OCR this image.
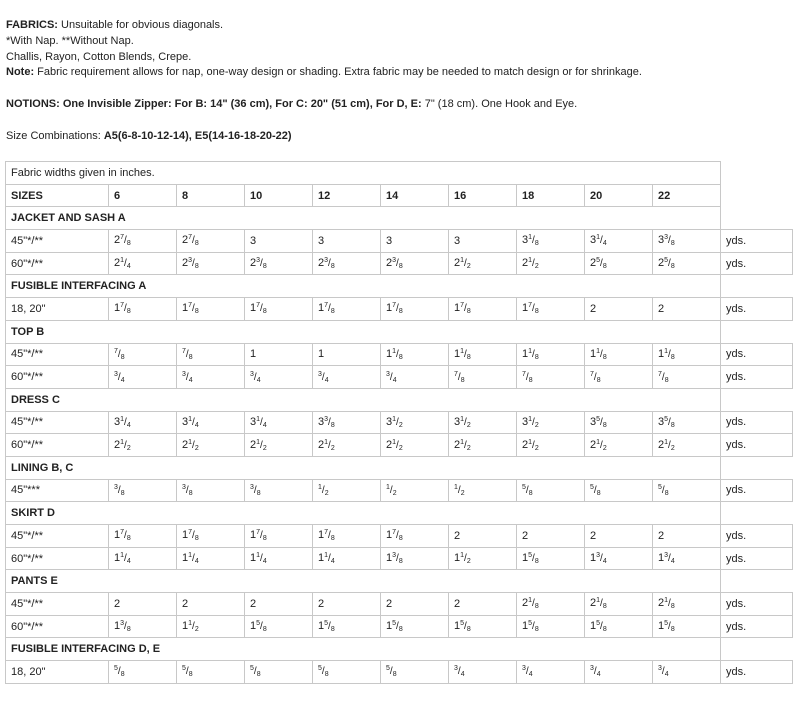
FABRICS: Unsuitable for obvious diagonals.

*With Nap. **Without Nap.

Challis, Rayon, Cotton Blends, Crepe.

Note: Fabric requirement allows for nap, one-way design or shading. Extra fabric may be needed to match design or for shrinkage.

NOTIONS: One Invisible Zipper: For B: 14" (36 cm), For C: 20" (51 cm), For D, E: 7" (18 cm). One Hook and Eye.

Size Combinations: A5(6-8-10-12-14), E5(14-16-18-20-22)

Fabric widths given in inches.										
SIZES	6	8	10	12	14	16	18	20	22	
JACKET AND SASH A										
45"*/**	$2^7/_8$	$2^7/_8$	3	3	3	3	$3^1/_8$	$3^1/_4$	$3^3/_8$	yds.
60"*/**	$2^1/_4$	$2^3/_8$	$2^3/_8$	$2^3/_8$	$2^3/_8$	$2^1/_2$	$2^1/_2$	$2^5/_8$	$2^5/_8$	yds.
FUSIBLE INTERFACING A										
18, 20"	$1^7/_8$	$1^7/_8$	$1^7/_8$	$1^7/_8$	$1^7/_8$	$1^7/_8$	$1^7/_8$	2	2	yds.
TOP B										
45"*/**	$^7/_8$	$^7/_8$	1	1	$1^1/_8$	$1^1/_8$	$1^1/_8$	$1^1/_8$	$1^1/_8$	yds.
60"*/**	$^3/_4$	$^3/_4$	$^3/_4$	$^3/_4$	$^3/_4$	$^7/_8$	$^7/_8$	$^7/_8$	$^7/_8$	yds.
DRESS C										
45"*/**	$3^1/_4$	$3^1/_4$	$3^1/_4$	$3^3/_8$	$3^1/_2$	$3^1/_2$	$3^1/_2$	$3^5/_8$	$3^5/_8$	yds.
60"*/**	$2^1/_2$	$2^1/_2$	$2^1/_2$	$2^1/_2$	$2^1/_2$	$2^1/_2$	$2^1/_2$	$2^1/_2$	$2^1/_2$	yds.
LINING B, C										
45"***	$^3/_8$	$^3/_8$	$^3/_8$	$^1/_2$	$^1/_2$	$^1/_2$	$^5/_8$	$^5/_8$	$^5/_8$	yds.
SKIRT D										
45"*/**	$1^7/_8$	$1^7/_8$	$1^7/_8$	$1^7/_8$	$1^7/_8$	2	2	2	2	yds.
60"*/**	$1^1/_4$	$1^1/_4$	$1^1/_4$	$1^1/_4$	$1^3/_8$	$1^1/_2$	$1^5/_8$	$1^3/_4$	$1^3/_4$	yds.
PANTS E										
45"*/**	2	2	2	2	2	2	$2^1/_8$	$2^1/_8$	$2^1/_8$	yds.
60"*/**	$1^3/_8$	$1^1/_2$	$1^5/_8$	$1^5/_8$	$1^5/_8$	$1^5/_8$	$1^5/_8$	$1^5/_8$	$1^5/_8$	yds.
FUSIBLE INTERFACING D, E										
18, 20"	$^5/_8$	$^5/_8$	$^5/_8$	$^5/_8$	$^5/_8$	$^3/_4$	$^3/_4$	$^3/_4$	$^3/_4$	yds.
